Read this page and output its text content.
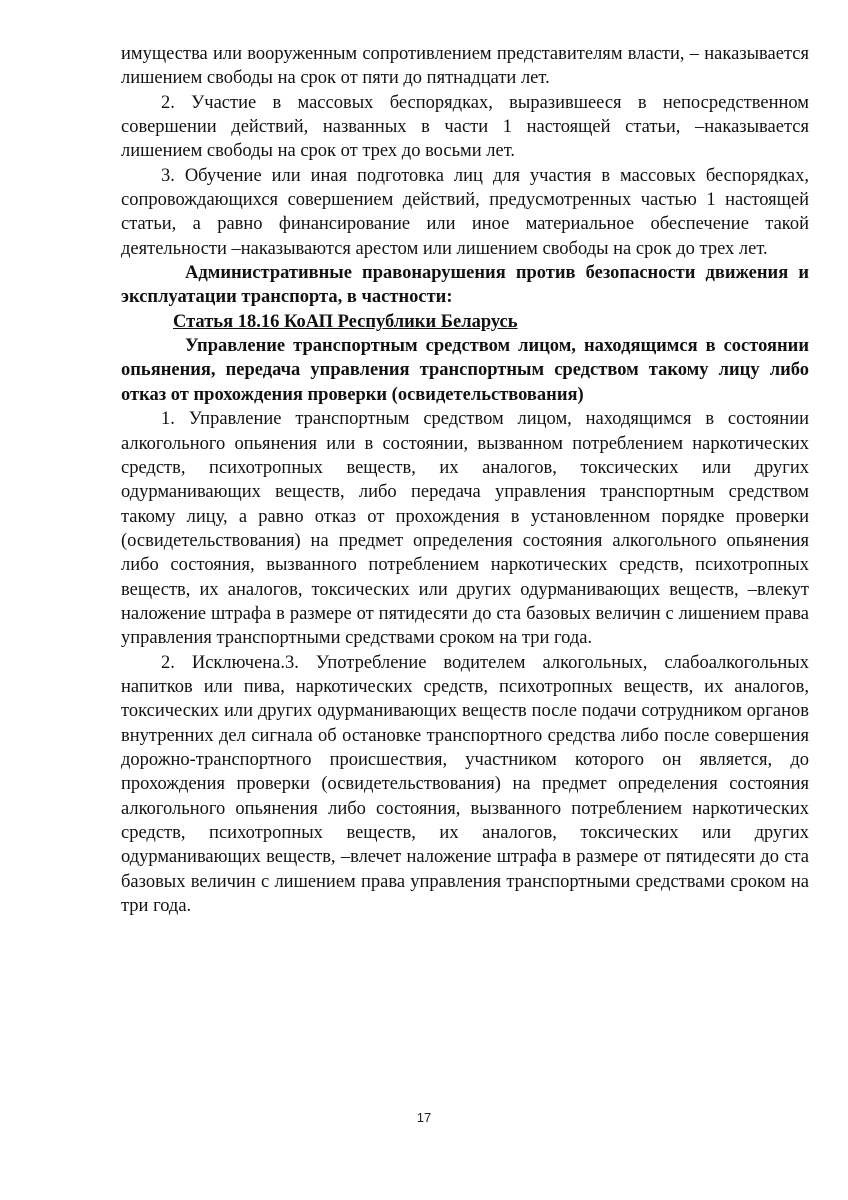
имущества или вооруженным сопротивлением представителям власти, – наказывается лишением свободы на срок от пяти до пятнадцати лет.

2. Участие в массовых беспорядках, выразившееся в непосредственном совершении действий, названных в части 1 настоящей статьи, –наказывается лишением свободы на срок от трех до восьми лет.

3. Обучение или иная подготовка лиц для участия в массовых беспорядках, сопровождающихся совершением действий, предусмотренных частью 1 настоящей статьи, а равно финансирование или иное материальное обеспечение такой деятельности –наказываются арестом или лишением свободы на срок до трех лет.

Административные правонарушения против безопасности движения и эксплуатации транспорта, в частности:

Статья 18.16 КоАП Республики Беларусь

Управление транспортным средством лицом, находящимся в состоянии опьянения, передача управления транспортным средством такому лицу либо отказ от прохождения проверки (освидетельствования)

1. Управление транспортным средством лицом, находящимся в состоянии алкогольного опьянения или в состоянии, вызванном потреблением наркотических средств, психотропных веществ, их аналогов, токсических или других одурманивающих веществ, либо передача управления транспортным средством такому лицу, а равно отказ от прохождения в установленном порядке проверки (освидетельствования) на предмет определения состояния алкогольного опьянения либо состояния, вызванного потреблением наркотических средств, психотропных веществ, их аналогов, токсических или других одурманивающих веществ, –влекут наложение штрафа в размере от пятидесяти до ста базовых величин с лишением права управления транспортными средствами сроком на три года.

2. Исключена.3. Употребление водителем алкогольных, слабоалкогольных напитков или пива, наркотических средств, психотропных веществ, их аналогов, токсических или других одурманивающих веществ после подачи сотрудником органов внутренних дел сигнала об остановке транспортного средства либо после совершения дорожно-транспортного происшествия, участником которого он является, до прохождения проверки (освидетельствования) на предмет определения состояния алкогольного опьянения либо состояния, вызванного потреблением наркотических средств, психотропных веществ, их аналогов, токсических или других одурманивающих веществ, –влечет наложение штрафа в размере от пятидесяти до ста базовых величин с лишением права управления транспортными средствами сроком на три года.

17
